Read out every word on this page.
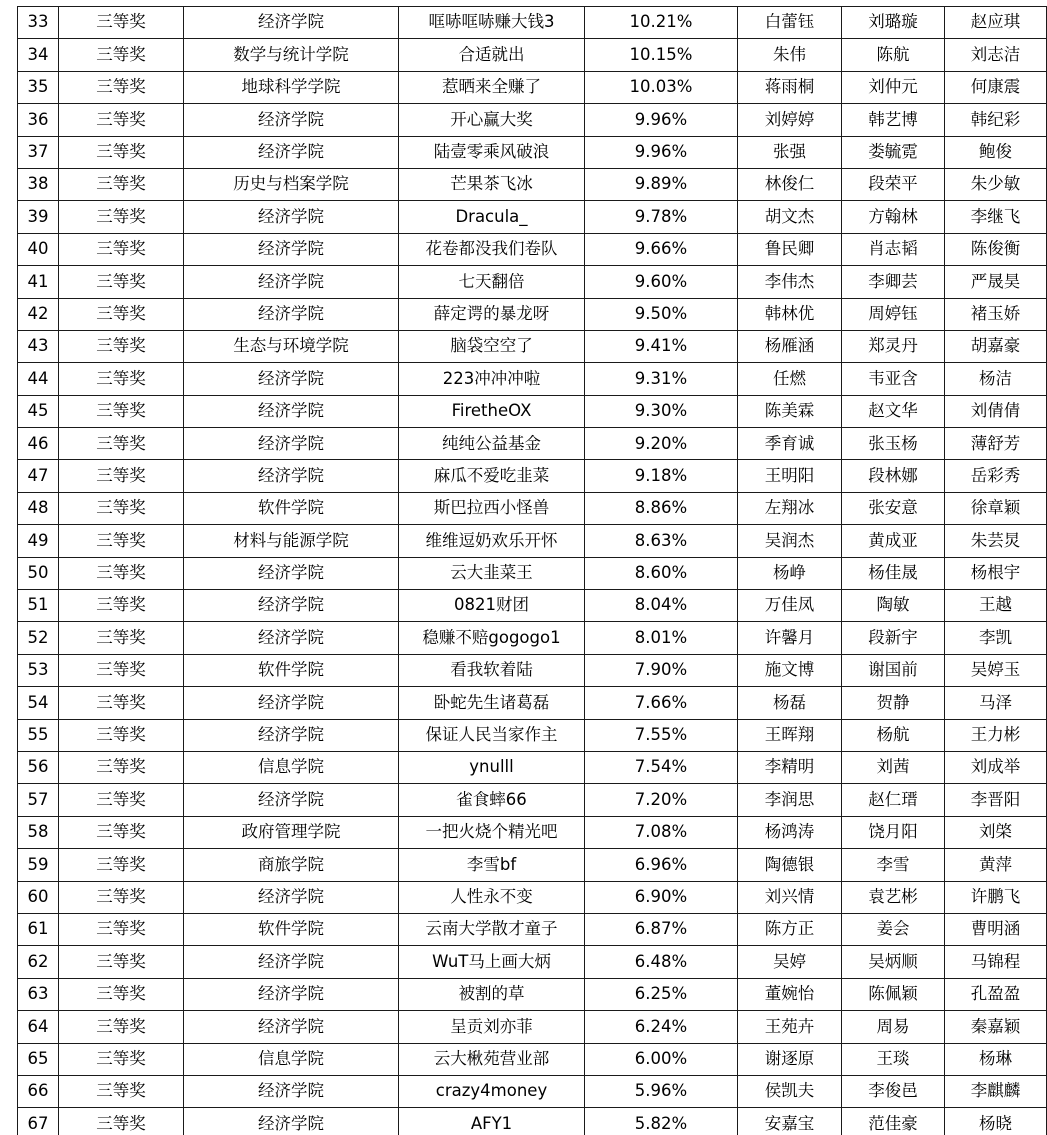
33	三等奖	经济学院	哐哧哐哧赚大钱3	10.21%	白蕾钰	刘璐璇	赵应琪
34	三等奖	数学与统计学院	合适就出	10.15%	朱伟	陈航	刘志洁
35	三等奖	地球科学学院	惹晒来全赚了	10.03%	蒋雨桐	刘仲元	何康震
36	三等奖	经济学院	开心赢大奖	9.96%	刘婷婷	韩艺博	韩纪彩
37	三等奖	经济学院	陆壹零乘风破浪	9.96%	张强	娄毓霓	鲍俊
38	三等奖	历史与档案学院	芒果茶飞冰	9.89%	林俊仁	段荣平	朱少敏
39	三等奖	经济学院	Dracula_	9.78%	胡文杰	方翰林	李继飞
40	三等奖	经济学院	花卷都没我们卷队	9.66%	鲁民卿	肖志韬	陈俊衡
41	三等奖	经济学院	七天翻倍	9.60%	李伟杰	李卿芸	严晟昊
42	三等奖	经济学院	薛定谔的暴龙呀	9.50%	韩林优	周婷钰	褚玉娇
43	三等奖	生态与环境学院	脑袋空空了	9.41%	杨雁涵	郑灵丹	胡嘉豪
44	三等奖	经济学院	223冲冲冲啦	9.31%	任燃	韦亚含	杨洁
45	三等奖	经济学院	FiretheOX	9.30%	陈美霖	赵文华	刘倩倩
46	三等奖	经济学院	纯纯公益基金	9.20%	季育诚	张玉杨	薄舒芳
47	三等奖	经济学院	麻瓜不爱吃韭菜	9.18%	王明阳	段林娜	岳彩秀
48	三等奖	软件学院	斯巴拉西小怪兽	8.86%	左翔冰	张安意	徐章颖
49	三等奖	材料与能源学院	维维逗奶欢乐开怀	8.63%	吴润杰	黄成亚	朱芸炅
50	三等奖	经济学院	云大韭菜王	8.60%	杨峥	杨佳晟	杨根宇
51	三等奖	经济学院	0821财团	8.04%	万佳凤	陶敏	王越
52	三等奖	经济学院	稳赚不赔gogogo1	8.01%	许馨月	段新宇	李凯
53	三等奖	软件学院	看我软着陆	7.90%	施文博	谢国前	吴婷玉
54	三等奖	经济学院	卧蛇先生诸葛磊	7.66%	杨磊	贺静	马泽
55	三等奖	经济学院	保证人民当家作主	7.55%	王晖翔	杨航	王力彬
56	三等奖	信息学院	ynulll	7.54%	李精明	刘茜	刘成举
57	三等奖	经济学院	雀食蟀66	7.20%	李润思	赵仁瑨	李晋阳
58	三等奖	政府管理学院	一把火烧个精光吧	7.08%	杨鸿涛	饶月阳	刘棨
59	三等奖	商旅学院	李雪bf	6.96%	陶德银	李雪	黄萍
60	三等奖	经济学院	人性永不变	6.90%	刘兴情	袁艺彬	许鹏飞
61	三等奖	软件学院	云南大学散才童子	6.87%	陈方正	姜会	曹明涵
62	三等奖	经济学院	WuT马上画大炳	6.48%	吴婷	吴炳顺	马锦程
63	三等奖	经济学院	被割的草	6.25%	董婉怡	陈佩颖	孔盈盈
64	三等奖	经济学院	呈贡刘亦菲	6.24%	王苑卉	周易	秦嘉颖
65	三等奖	信息学院	云大楸苑营业部	6.00%	谢逐原	王琰	杨琳
66	三等奖	经济学院	crazy4money	5.96%	侯凯夫	李俊邑	李麒麟
67	三等奖	经济学院	AFY1	5.82%	安嘉宝	范佳豪	杨晓
